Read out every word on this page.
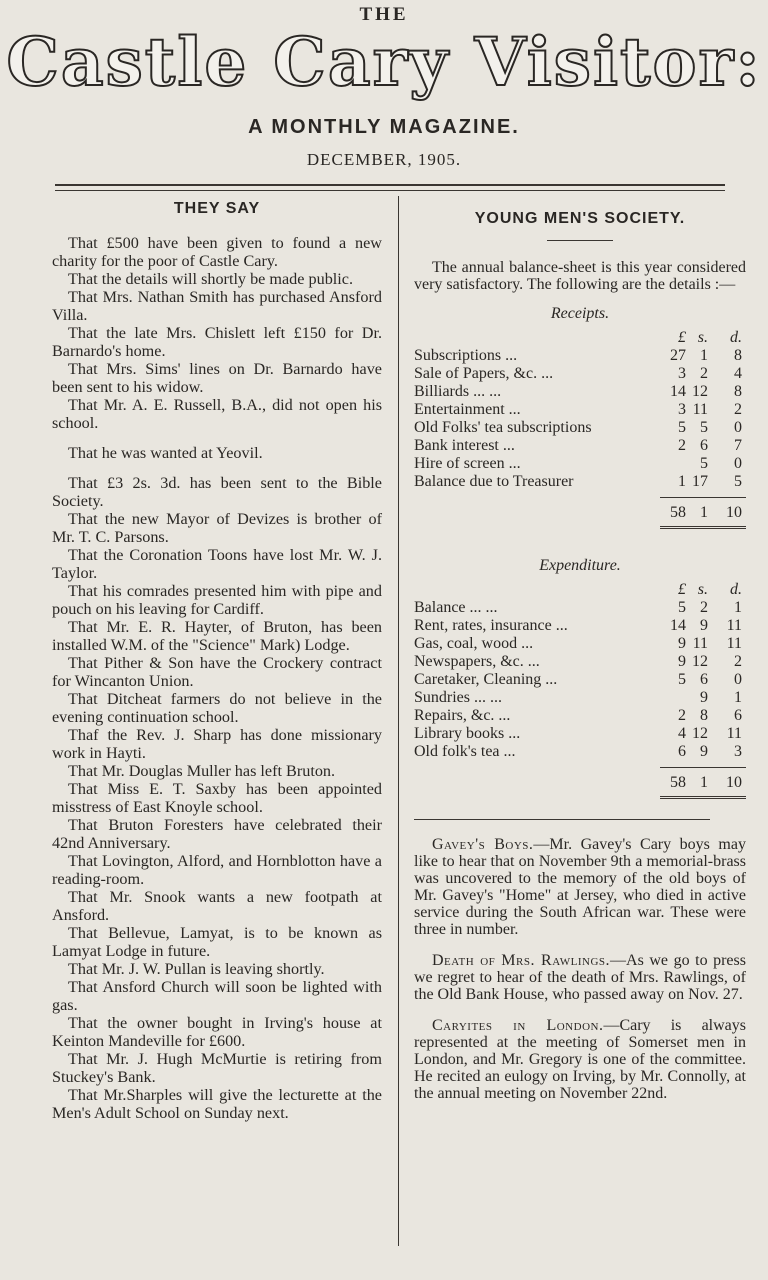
THE
Castle Cary Visitor:
A MONTHLY MAGAZINE.
DECEMBER, 1905.
THEY SAY
That £500 have been given to found a new charity for the poor of Castle Cary.
That the details will shortly be made public.
That Mrs. Nathan Smith has purchased Ansford Villa.
That the late Mrs. Chislett left £150 for Dr. Barnardo's home.
That Mrs. Sims' lines on Dr. Barnardo have been sent to his widow.
That Mr. A. E. Russell, B.A., did not open his school.
That he was wanted at Yeovil.
That £3 2s. 3d. has been sent to the Bible Society.
That the new Mayor of Devizes is brother of Mr. T. C. Parsons.
That the Coronation Toons have lost Mr. W. J. Taylor.
That his comrades presented him with pipe and pouch on his leaving for Cardiff.
That Mr. E. R. Hayter, of Bruton, has been installed W.M. of the "Science" Mark) Lodge.
That Pither & Son have the Crockery contract for Wincanton Union.
That Ditcheat farmers do not believe in the evening continuation school.
Thaf the Rev. J. Sharp has done missionary work in Hayti.
That Mr. Douglas Muller has left Bruton.
That Miss E. T. Saxby has been appointed misstress of East Knoyle school.
That Bruton Foresters have celebrated their 42nd Anniversary.
That Lovington, Alford, and Hornblotton have a reading-room.
That Mr. Snook wants a new footpath at Ansford.
That Bellevue, Lamyat, is to be known as Lamyat Lodge in future.
That Mr. J. W. Pullan is leaving shortly.
That Ansford Church will soon be lighted with gas.
That the owner bought in Irving's house at Keinton Mandeville for £600.
That Mr. J. Hugh McMurtie is retiring from Stuckey's Bank.
That Mr.Sharples will give the lecturette at the Men's Adult School on Sunday next.
YOUNG MEN'S SOCIETY.
The annual balance-sheet is this year considered very satisfactory. The following are the details :—
Receipts.
£ s.	d.
Subscriptions ...	27 1	8
Sale of Papers, &c. ...	3 2	4
Billiards ... ...	14 12	8
Entertainment ...	3 11	2
Old Folks' tea subscriptions	5 5	0
Bank interest ...	2 6	7
Hire of screen ...	5	0
Balance due to Treasurer	1 17	5
58 1	10
Expenditure.
£ s.	d.
Balance ... ...	5 2	1
Rent, rates, insurance ...	14 9	11
Gas, coal, wood ...	9 11	11
Newspapers, &c. ...	9 12	2
Caretaker, Cleaning ...	5 6	0
Sundries ... ...	9	1
Repairs, &c. ...	2 8	6
Library books ...	4 12	11
Old folk's tea ...	6 9	3
58 1	10
Gavey's Boys.—Mr. Gavey's Cary boys may like to hear that on November 9th a memorial-brass was uncovered to the memory of the old boys of Mr. Gavey's "Home" at Jersey, who died in active service during the South African war. These were three in number.
Death of Mrs. Rawlings.—As we go to press we regret to hear of the death of Mrs. Rawlings, of the Old Bank House, who passed away on Nov. 27.
Caryites in London.—Cary is always represented at the meeting of Somerset men in London, and Mr. Gregory is one of the committee. He recited an eulogy on Irving, by Mr. Connolly, at the annual meeting on November 22nd.
